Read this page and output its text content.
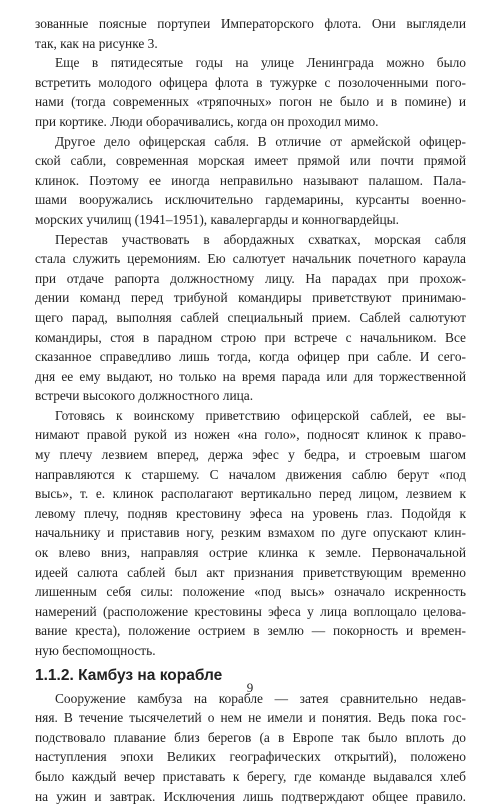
зованные поясные портупеи Императорского флота. Они выглядели
так, как на рисунке 3.
Еще в пятидесятые годы на улице Ленинграда можно было
встретить молодого офицера флота в тужурке с позолоченными пого-
нами (тогда современных «тряпочных» погон не было и в помине) и
при кортике. Люди оборачивались, когда он проходил мимо.
Другое дело офицерская сабля. В отличие от армейской офицер-
ской сабли, современная морская имеет прямой или почти прямой
клинок. Поэтому ее иногда неправильно называют палашом. Пала-
шами вооружались исключительно гардемарины, курсанты военно-
морских училищ (1941–1951), кавалергарды и конногвардейцы.
Перестав участвовать в абордажных схватках, морская сабля
стала служить церемониям. Ею салютует начальник почетного караула
при отдаче рапорта должностному лицу. На парадах при прохож-
дении команд перед трибуной командиры приветствуют принимаю-
щего парад, выполняя саблей специальный прием. Саблей салютуют
командиры, стоя в парадном строю при встрече с начальником. Все
сказанное справедливо лишь тогда, когда офицер при сабле. И сего-
дня ее ему выдают, но только на время парада или для торжественной
встречи высокого должностного лица.
Готовясь к воинскому приветствию офицерской саблей, ее вы-
нимают правой рукой из ножен «на голо», подносят клинок к право-
му плечу лезвием вперед, держа эфес у бедра, и строевым шагом
направляются к старшему. С началом движения саблю берут «под
высь», т. е. клинок располагают вертикально перед лицом, лезвием к
левому плечу, подняв крестовину эфеса на уровень глаз. Подойдя к
начальнику и приставив ногу, резким взмахом по дуге опускают клин-
ок влево вниз, направляя острие клинка к земле. Первоначальной
идеей салюта саблей был акт признания приветствующим временно
лишенным себя силы: положение «под высь» означало искренность
намерений (расположение крестовины эфеса у лица воплощало целова-
вание креста), положение острием в землю — покорность и времен-
ную беспомощность.
1.1.2. Камбуз на корабле
Сооружение камбуза на корабле — затея сравнительно недав-
няя. В течение тысячелетий о нем не имели и понятия. Ведь пока гос-
подствовало плавание близ берегов (а в Европе так было вплоть до
наступления эпохи Великих географических открытий), положено
было каждый вечер приставать к берегу, где команде выдавался хлеб
на ужин и завтрак. Исключения лишь подтверждают общее правило.
9
